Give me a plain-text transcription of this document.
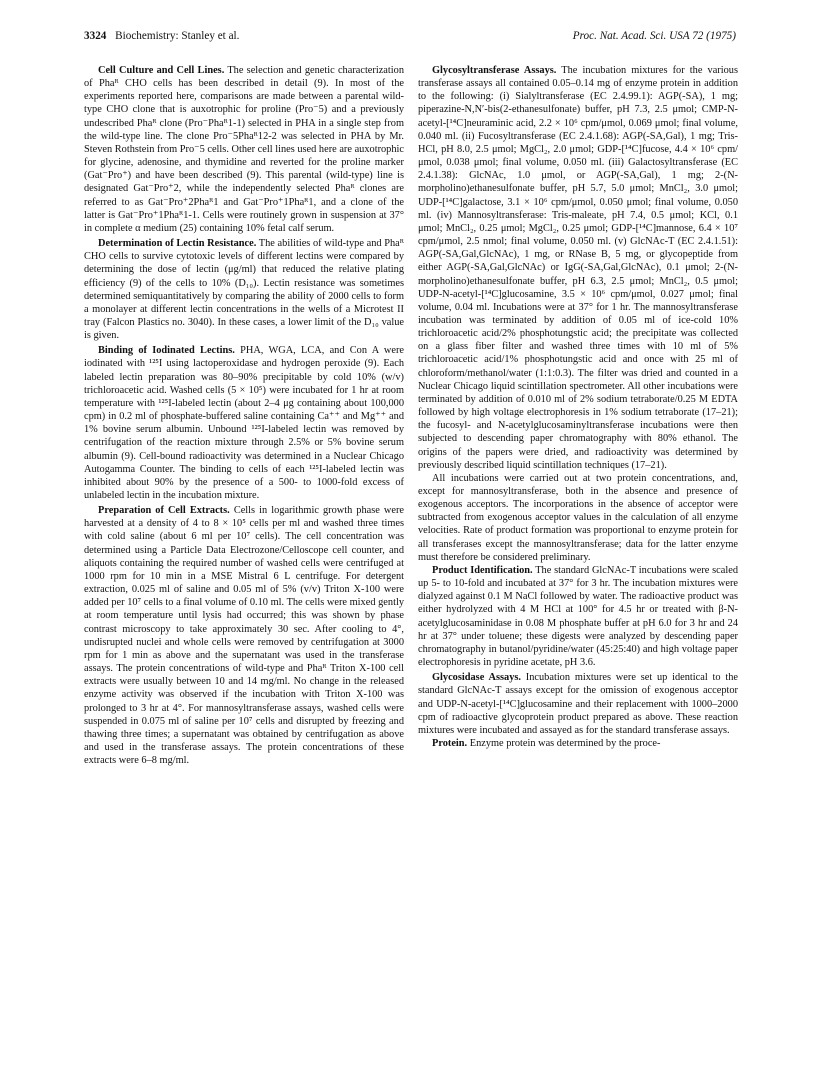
3324 Biochemistry: Stanley et al.	Proc. Nat. Acad. Sci. USA 72 (1975)

Cell Culture and Cell Lines. The selection and genetic characterization of Phaᴿ CHO cells has been described in detail (9). In most of the experiments reported here, comparisons are made between a parental wild-type CHO clone that is auxotrophic for proline (Pro⁻5) and a previously undescribed Phaᴿ clone (Pro⁻Phaᴿ1-1) selected in PHA in a single step from the wild-type line. The clone Pro⁻5Phaᴿ12-2 was selected in PHA by Mr. Steven Rothstein from Pro⁻5 cells. Other cell lines used here are auxotrophic for glycine, adenosine, and thymidine and reverted for the proline marker (Gat⁻Pro⁺) and have been described (9). This parental (wild-type) line is designated Gat⁻Pro⁺2, while the independently selected Phaᴿ clones are referred to as Gat⁻Pro⁺2Phaᴿ1 and Gat⁻Pro⁺1Phaᴿ1, and a clone of the latter is Gat⁻Pro⁺1Phaᴿ1-1. Cells were routinely grown in suspension at 37° in complete α medium (25) containing 10% fetal calf serum.

Determination of Lectin Resistance. The abilities of wild-type and Phaᴿ CHO cells to survive cytotoxic levels of different lectins were compared by determining the dose of lectin (μg/ml) that reduced the relative plating efficiency (9) of the cells to 10% (D₁₀). Lectin resistance was sometimes determined semiquantitatively by comparing the ability of 2000 cells to form a monolayer at different lectin concentrations in the wells of a Microtest II tray (Falcon Plastics no. 3040). In these cases, a lower limit of the D₁₀ value is given.

Binding of Iodinated Lectins. PHA, WGA, LCA, and Con A were iodinated with ¹²⁵I using lactoperoxidase and hydrogen peroxide (9). Each labeled lectin preparation was 80–90% precipitable by cold 10% (w/v) trichloroacetic acid. Washed cells (5 × 10⁵) were incubated for 1 hr at room temperature with ¹²⁵I-labeled lectin (about 2–4 μg containing about 100,000 cpm) in 0.2 ml of phosphate-buffered saline containing Ca⁺⁺ and Mg⁺⁺ and 1% bovine serum albumin. Unbound ¹²⁵I-labeled lectin was removed by centrifugation of the reaction mixture through 2.5% or 5% bovine serum albumin (9). Cell-bound radioactivity was determined in a Nuclear Chicago Autogamma Counter. The binding to cells of each ¹²⁵I-labeled lectin was inhibited about 90% by the presence of a 500- to 1000-fold excess of unlabeled lectin in the incubation mixture.

Preparation of Cell Extracts. Cells in logarithmic growth phase were harvested at a density of 4 to 8 × 10⁵ cells per ml and washed three times with cold saline (about 6 ml per 10⁷ cells). The cell concentration was determined using a Particle Data Electrozone/Celloscope cell counter, and aliquots containing the required number of washed cells were centrifuged at 1000 rpm for 10 min in a MSE Mistral 6 L centrifuge. For detergent extraction, 0.025 ml of saline and 0.05 ml of 5% (v/v) Triton X-100 were added per 10⁷ cells to a final volume of 0.10 ml. The cells were mixed gently at room temperature until lysis had occurred; this was shown by phase contrast microscopy to take approximately 30 sec. After cooling to 4°, undisrupted nuclei and whole cells were removed by centrifugation at 3000 rpm for 1 min as above and the supernatant was used in the transferase assays. The protein concentrations of wild-type and Phaᴿ Triton X-100 cell extracts were usually between 10 and 14 mg/ml. No change in the released enzyme activity was observed if the incubation with Triton X-100 was prolonged to 3 hr at 4°. For mannosyltransferase assays, washed cells were suspended in 0.075 ml of saline per 10⁷ cells and disrupted by freezing and thawing three times; a supernatant was obtained by centrifugation as above and used in the transferase assays. The protein concentrations of these extracts were 6–8 mg/ml.

Glycosyltransferase Assays. The incubation mixtures for the various transferase assays all contained 0.05–0.14 mg of enzyme protein in addition to the following: (i) Sialyltransferase (EC 2.4.99.1): AGP(-SA), 1 mg; piperazine-N,N′-bis(2-ethanesulfonate) buffer, pH 7.3, 2.5 μmol; CMP-N-acetyl-[¹⁴C]neuraminic acid, 2.2 × 10⁶ cpm/μmol, 0.069 μmol; final volume, 0.040 ml. (ii) Fucosyltransferase (EC 2.4.1.68): AGP(-SA,Gal), 1 mg; Tris-HCl, pH 8.0, 2.5 μmol; MgCl₂, 2.0 μmol; GDP-[¹⁴C]fucose, 4.4 × 10⁶ cpm/μmol, 0.038 μmol; final volume, 0.050 ml. (iii) Galactosyltransferase (EC 2.4.1.38): GlcNAc, 1.0 μmol, or AGP(-SA,Gal), 1 mg; 2-(N-morpholino)ethanesulfonate buffer, pH 5.7, 5.0 μmol; MnCl₂, 3.0 μmol; UDP-[¹⁴C]galactose, 3.1 × 10⁶ cpm/μmol, 0.050 μmol; final volume, 0.050 ml. (iv) Mannosyltransferase: Tris-maleate, pH 7.4, 0.5 μmol; KCl, 0.1 μmol; MnCl₂, 0.25 μmol; MgCl₂, 0.25 μmol; GDP-[¹⁴C]mannose, 6.4 × 10⁷ cpm/μmol, 2.5 nmol; final volume, 0.050 ml. (v) GlcNAc-T (EC 2.4.1.51): AGP(-SA,Gal,GlcNAc), 1 mg, or RNase B, 5 mg, or glycopeptide from either AGP(-SA,Gal,GlcNAc) or IgG(-SA,Gal,GlcNAc), 0.1 μmol; 2-(N-morpholino)ethanesulfonate buffer, pH 6.3, 2.5 μmol; MnCl₂, 0.5 μmol; UDP-N-acetyl-[¹⁴C]glucosamine, 3.5 × 10⁶ cpm/μmol, 0.027 μmol; final volume, 0.04 ml. Incubations were at 37° for 1 hr. The mannosyltransferase incubation was terminated by addition of 0.05 ml of ice-cold 10% trichloroacetic acid/2% phosphotungstic acid; the precipitate was collected on a glass fiber filter and washed three times with 10 ml of 5% trichloroacetic acid/1% phosphotungstic acid and once with 25 ml of chloroform/methanol/water (1:1:0.3). The filter was dried and counted in a Nuclear Chicago liquid scintillation spectrometer. All other incubations were terminated by addition of 0.010 ml of 2% sodium tetraborate/0.25 M EDTA followed by high voltage electrophoresis in 1% sodium tetraborate (17–21); the fucosyl- and N-acetylglucosaminyltransferase incubations were then subjected to descending paper chromatography with 80% ethanol. The origins of the papers were dried, and radioactivity was determined by previously described liquid scintillation techniques (17–21).

All incubations were carried out at two protein concentrations, and, except for mannosyltransferase, both in the absence and presence of exogenous acceptors. The incorporations in the absence of acceptor were subtracted from exogenous acceptor values in the calculation of all enzyme velocities. Rate of product formation was proportional to enzyme protein for all transferases except the mannosyltransferase; data for the latter enzyme must therefore be considered preliminary.

Product Identification. The standard GlcNAc-T incubations were scaled up 5- to 10-fold and incubated at 37° for 3 hr. The incubation mixtures were dialyzed against 0.1 M NaCl followed by water. The radioactive product was either hydrolyzed with 4 M HCl at 100° for 4.5 hr or treated with β-N-acetylglucosaminidase in 0.08 M phosphate buffer at pH 6.0 for 3 hr and 24 hr at 37° under toluene; these digests were analyzed by descending paper chromatography in butanol/pyridine/water (45:25:40) and high voltage paper electrophoresis in pyridine acetate, pH 3.6.

Glycosidase Assays. Incubation mixtures were set up identical to the standard GlcNAc-T assays except for the omission of exogenous acceptor and UDP-N-acetyl-[¹⁴C]glucosamine and their replacement with 1000–2000 cpm of radioactive glycoprotein product prepared as above. These reaction mixtures were incubated and assayed as for the standard transferase assays.

Protein. Enzyme protein was determined by the proce-
